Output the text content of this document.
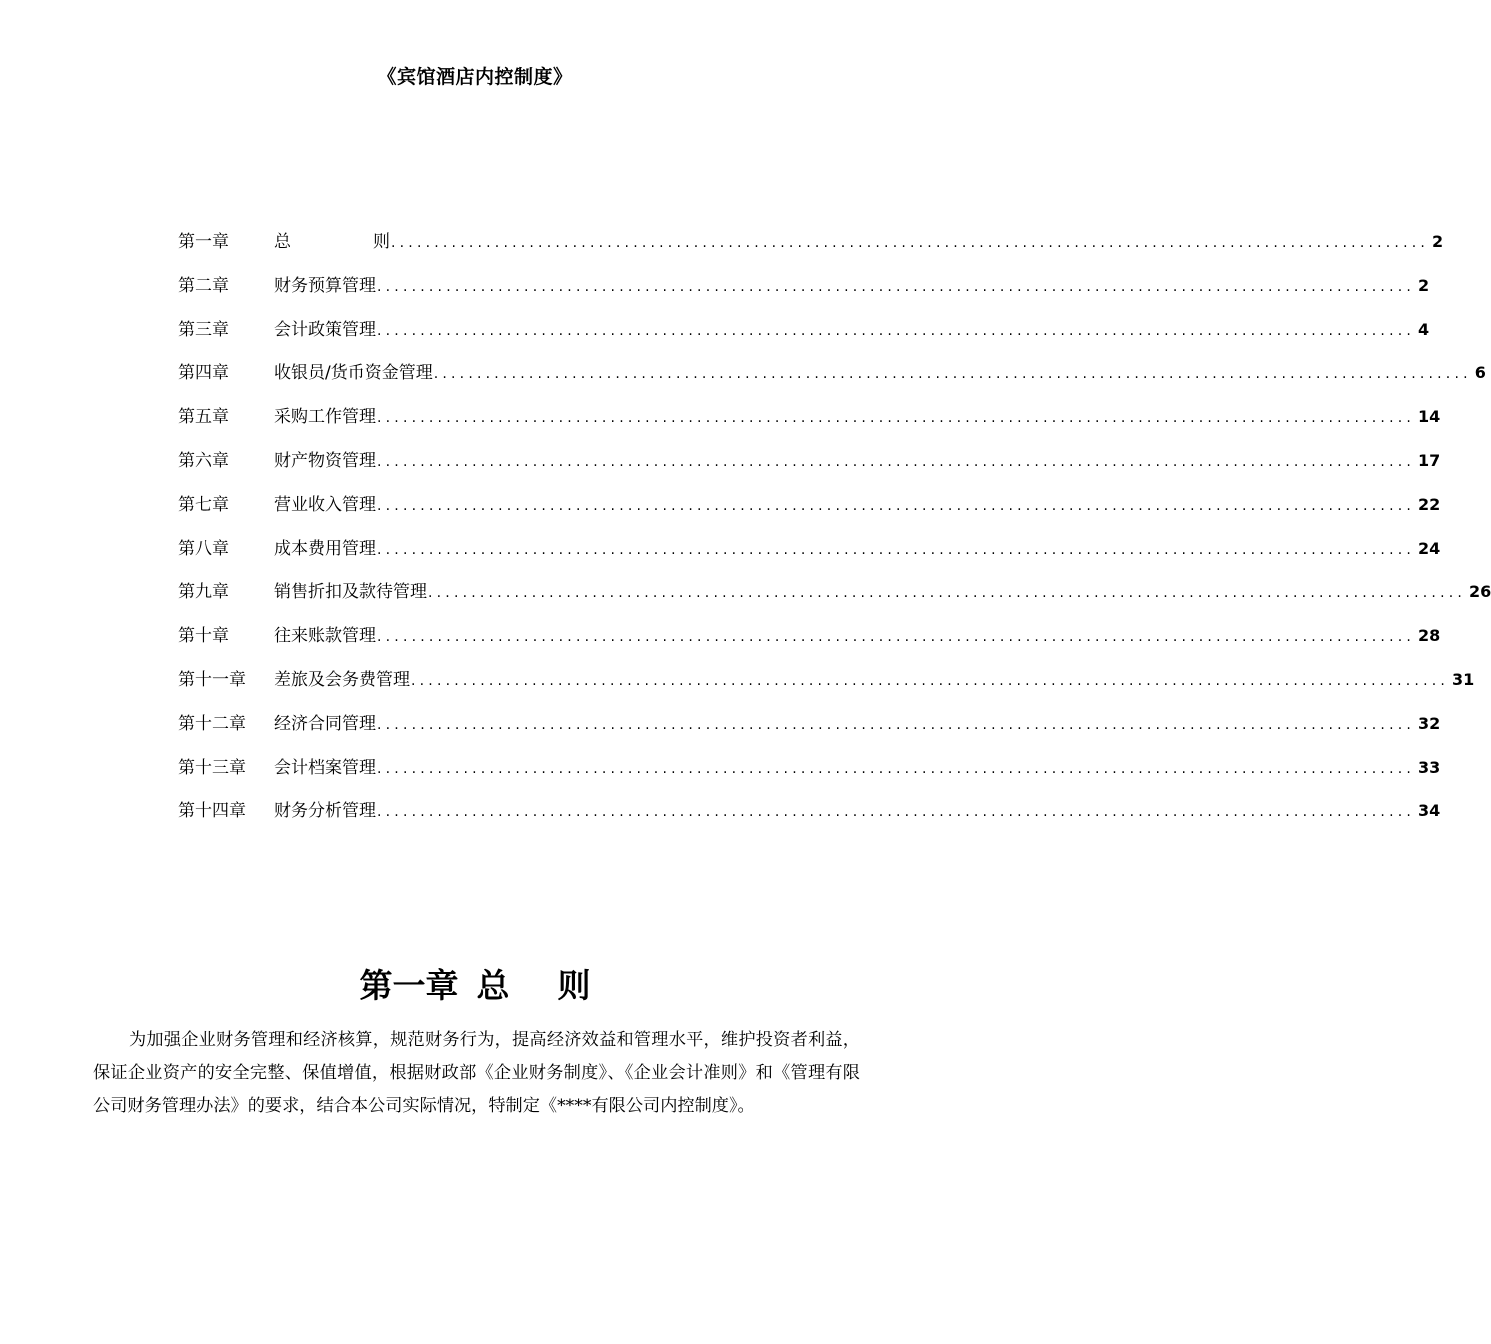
《宾馆酒店内控制度》
第一章	总	则 ........................................................................................................................ 2
第二章	财务预算管理 ........................................................................................................................ 2
第三章	会计政策管理 ........................................................................................................................ 4
第四章	收银员/货币资金管理 ........................................................................................................................ 6
第五章	采购工作管理 ........................................................................................................................ 14
第六章	财产物资管理 ........................................................................................................................ 17
第七章	营业收入管理 ........................................................................................................................ 22
第八章	成本费用管理 ........................................................................................................................ 24
第九章	销售折扣及款待管理 ........................................................................................................................ 26
第十章	往来账款管理 ........................................................................................................................ 28
第十一章	差旅及会务费管理 ........................................................................................................................ 31
第十二章	经济合同管理 ........................................................................................................................ 32
第十三章	会计档案管理 ........................................................................................................................ 33
第十四章	财务分析管理 ........................................................................................................................ 34
第一章 总 则
为加强企业财务管理和经济核算，规范财务行为，提高经济效益和管理水平，维护投资者利益，保证企业资产的安全完整、保值增值，根据财政部《企业财务制度》、《企业会计准则》和《管理有限公司财务管理办法》的要求，结合本公司实际情况，特制定《****有限公司内控制度》。
